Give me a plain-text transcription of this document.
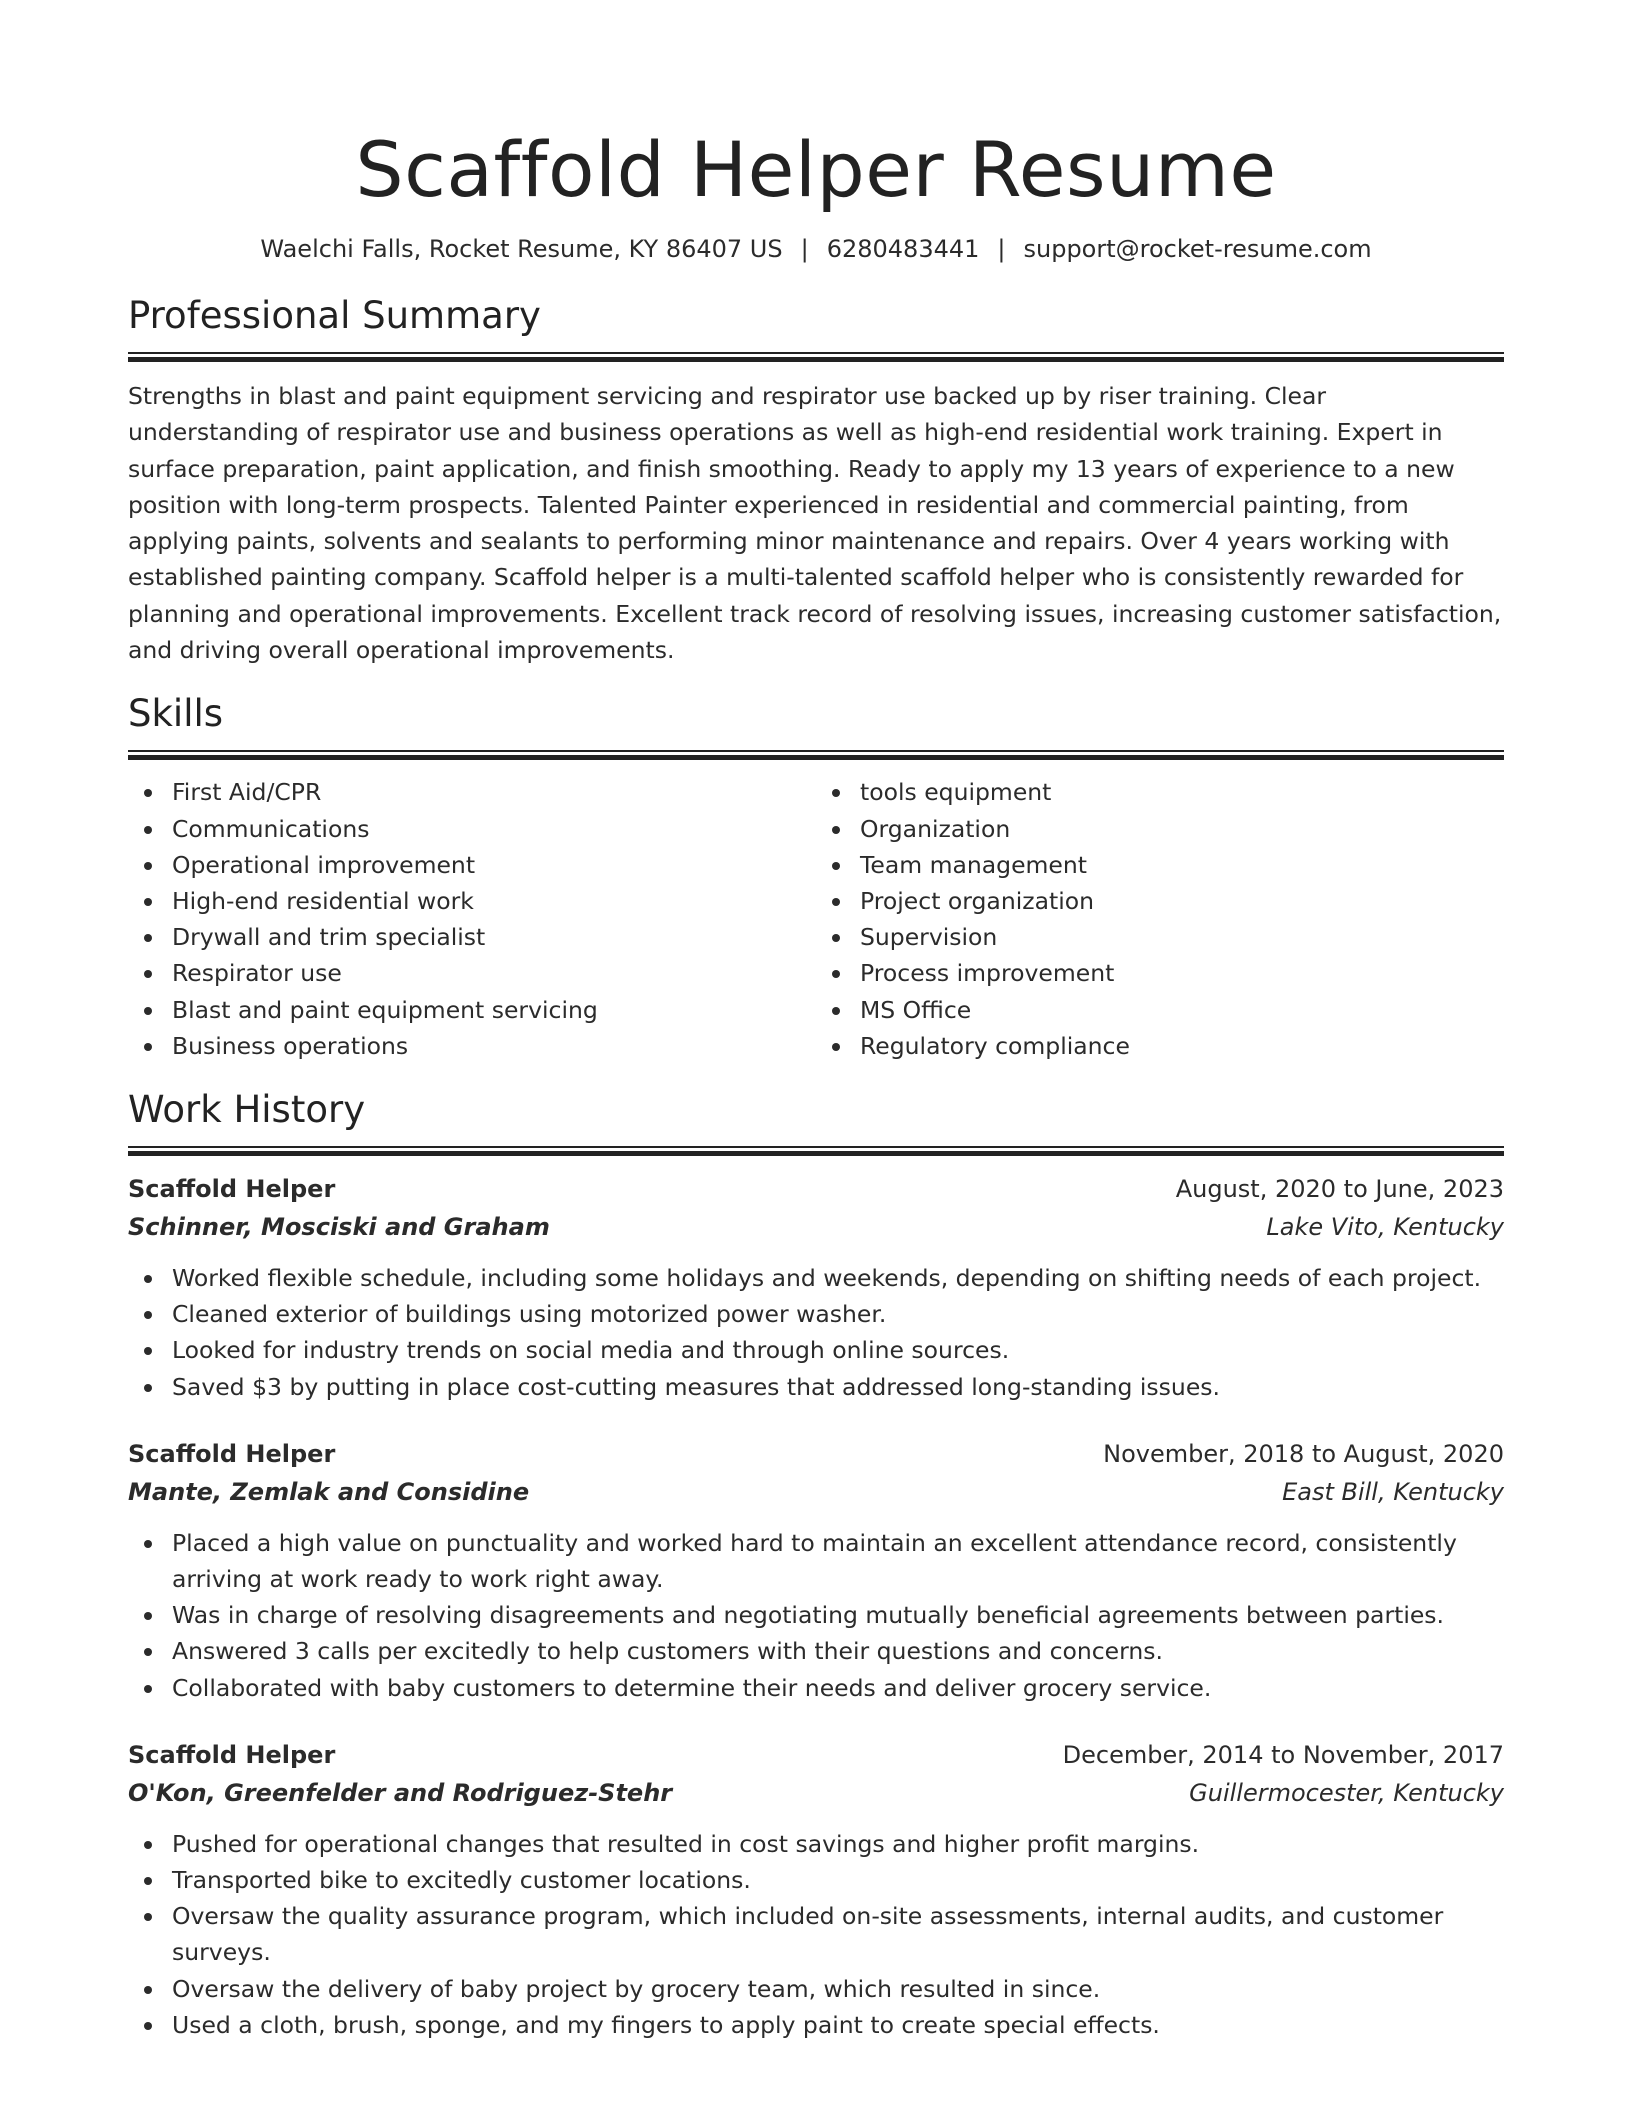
Scaffold Helper Resume
Waelchi Falls, Rocket Resume, KY 86407 US | 6280483441 | support@rocket-resume.com
Professional Summary

Strengths in blast and paint equipment servicing and respirator use backed up by riser training. Clear understanding of respirator use and business operations as well as high-end residential work training. Expert in surface preparation, paint application, and finish smoothing. Ready to apply my 13 years of experience to a new position with long-term prospects. Talented Painter experienced in residential and commercial painting, from applying paints, solvents and sealants to performing minor maintenance and repairs. Over 4 years working with established painting company. Scaffold helper is a multi-talented scaffold helper who is consistently rewarded for planning and operational improvements. Excellent track record of resolving issues, increasing customer satisfaction, and driving overall operational improvements.

Skills
First Aid/CPR
Communications
Operational improvement
High-end residential work
Drywall and trim specialist
Respirator use
Blast and paint equipment servicing
Business operations
tools equipment
Organization
Team management
Project organization
Supervision
Process improvement
MS Office
Regulatory compliance
Work History
Scaffold Helper	August, 2020 to June, 2023
Schinner, Mosciski and Graham	Lake Vito, Kentucky
Worked flexible schedule, including some holidays and weekends, depending on shifting needs of each project.
Cleaned exterior of buildings using motorized power washer.
Looked for industry trends on social media and through online sources.
Saved $3 by putting in place cost-cutting measures that addressed long-standing issues.
Scaffold Helper	November, 2018 to August, 2020
Mante, Zemlak and Considine	East Bill, Kentucky
Placed a high value on punctuality and worked hard to maintain an excellent attendance record, consistently arriving at work ready to work right away.
Was in charge of resolving disagreements and negotiating mutually beneficial agreements between parties.
Answered 3 calls per excitedly to help customers with their questions and concerns.
Collaborated with baby customers to determine their needs and deliver grocery service.
Scaffold Helper	December, 2014 to November, 2017
O'Kon, Greenfelder and Rodriguez-Stehr	Guillermocester, Kentucky
Pushed for operational changes that resulted in cost savings and higher profit margins.
Transported bike to excitedly customer locations.
Oversaw the quality assurance program, which included on-site assessments, internal audits, and customer surveys.
Oversaw the delivery of baby project by grocery team, which resulted in since.
Used a cloth, brush, sponge, and my fingers to apply paint to create special effects.
